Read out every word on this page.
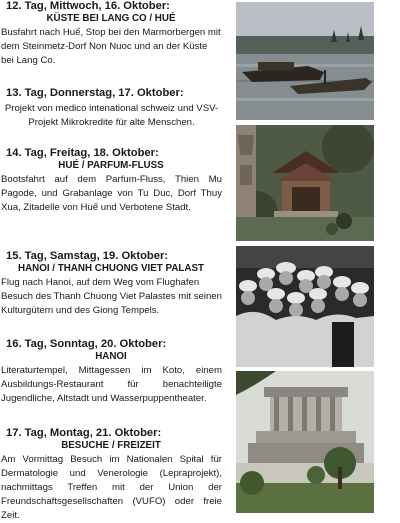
12. Tag, Mittwoch, 16. Oktober:
KÜSTE BEI LANG CO / HUÉ

Busfahrt nach Huế, Stop bei den Marmorbergen mit dem Steinmetz-Dorf Non Nuoc und an der Küste bei Lang Co.

13. Tag, Donnerstag, 17. Oktober:

Projekt von medico intenational schweiz und VSV-Projekt Mikrokredite für alte Menschen.

14. Tag, Freitag, 18. Oktober:
HUÉ / PARFUM-FLUSS

Bootsfahrt auf dem Parfum-Fluss, Thien Mu Pagode, und Grabanlage von Tu Duc, Dorf Thuy Xua, Zitadelle von Huế und Verbotene Stadt.

15. Tag, Samstag, 19. Oktober:
HANOI / THANH CHUONG VIET PALAST

Flug nach Hanoi, auf dem Weg vom Flughafen Besuch des Thanh Chuong Viet Palastes mit seinen Kulturgütern und des Giong Tempels.

16. Tag, Sonntag, 20. Oktober:
HANOI

Literaturtempel, Mittagessen im Koto, einem Ausbildungs-Restaurant für benachteiligte Jugendliche, Altstadt und Wasserpuppentheater.

17. Tag, Montag, 21. Oktober:
BESUCHE / FREIZEIT

Am Vormittag Besuch im Nationalen Spital für Dermatologie und Venerologie (Lepraprojekt), nachmittags Treffen mit der Union der Freundschaftsgesellschaften (VUFO) oder freie Zeit.
